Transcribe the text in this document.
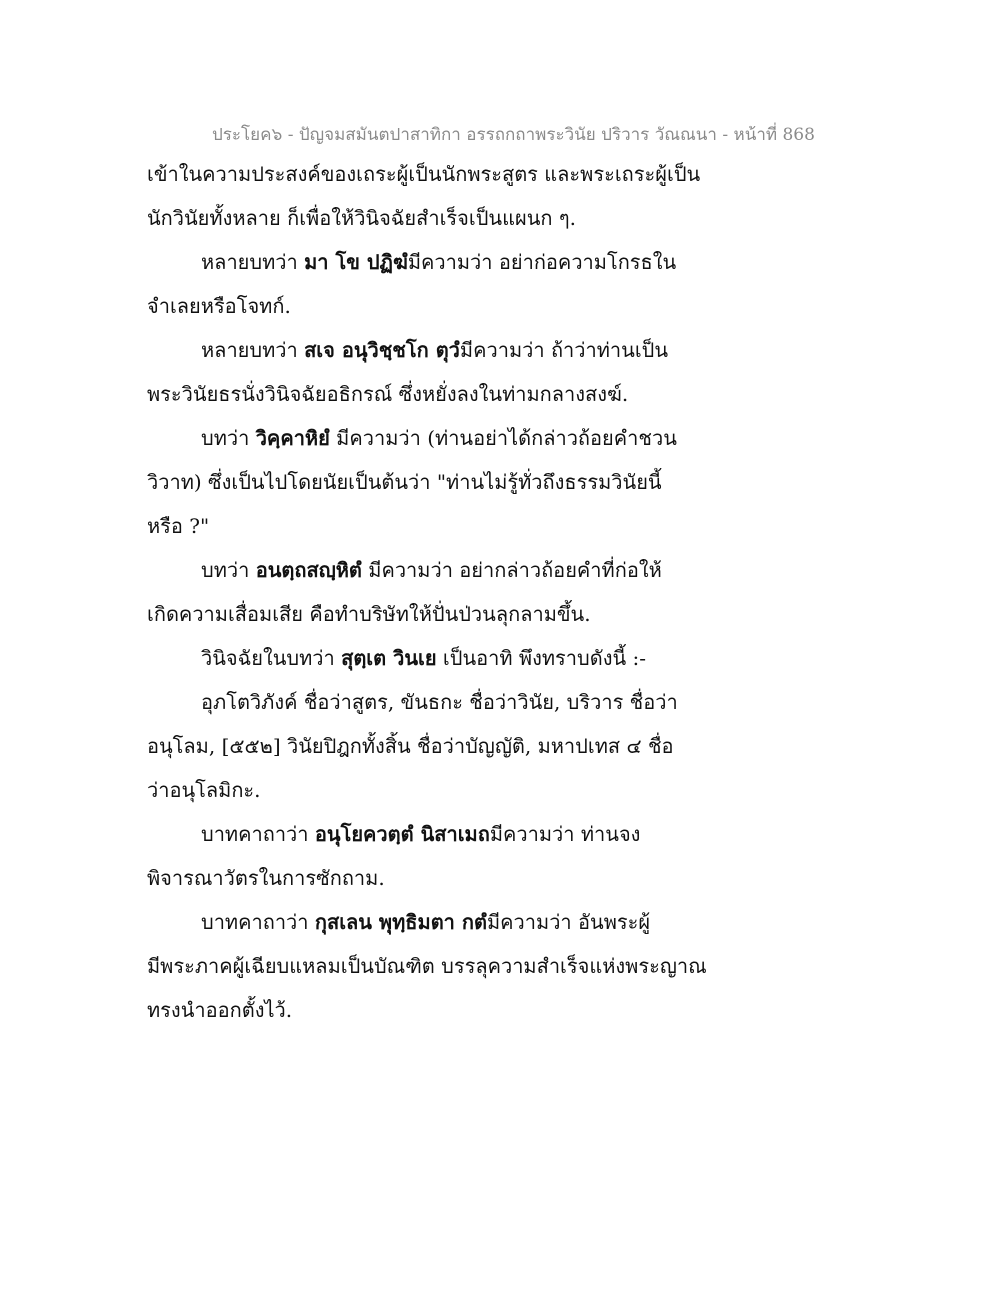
ประโยค๖ - ปัญจมสมันตปาสาทิกา อรรถกถาพระวินัย ปริวาร วัณณนา - หน้าที่ 868
เข้าในความประสงค์ของเถระผู้เป็นนักพระสูตร และพระเถระผู้เป็น
นักวินัยทั้งหลาย ก็เพื่อให้วินิจฉัยสำเร็จเป็นแผนก ๆ.
หลายบทว่า มา โข ปฏิฆํมีความว่า อย่าก่อความโกรธใน
จำเลยหรือโจทก์.
หลายบทว่า สเจ อนุวิชฺชโก ตุวํมีความว่า ถ้าว่าท่านเป็น
พระวินัยธรนั่งวินิจฉัยอธิกรณ์ ซึ่งหยั่งลงในท่ามกลางสงฆ์.
บทว่า วิคฺคาหิยํ มีความว่า (ท่านอย่าได้กล่าวถ้อยคำชวน
วิวาท) ซึ่งเป็นไปโดยนัยเป็นต้นว่า "ท่านไม่รู้ทั่วถึงธรรมวินัยนี้
หรือ ?"
บทว่า อนตฺถสญฺหิตํ มีความว่า อย่ากล่าวถ้อยคำที่ก่อให้
เกิดความเสื่อมเสีย คือทำบริษัทให้ปั่นป่วนลุกลามขึ้น.
วินิจฉัยในบทว่า สุตฺเต วินเย เป็นอาทิ พึงทราบดังนี้ :-
อุภโตวิภังค์ ชื่อว่าสูตร, ขันธกะ ชื่อว่าวินัย, บริวาร ชื่อว่า
อนุโลม, [๕๕๒] วินัยปิฎกทั้งสิ้น ชื่อว่าบัญญัติ, มหาปเทส ๔ ชื่อ
ว่าอนุโลมิกะ.
บาทคาถาว่า อนุโยควตฺตํ นิสาเมถมีความว่า ท่านจง
พิจารณาวัตรในการซักถาม.
บาทคาถาว่า กุสเลน พุทฺธิมตา กตํมีความว่า อันพระผู้
มีพระภาคผู้เฉียบแหลมเป็นบัณฑิต บรรลุความสำเร็จแห่งพระญาณ
ทรงนำออกตั้งไว้.
